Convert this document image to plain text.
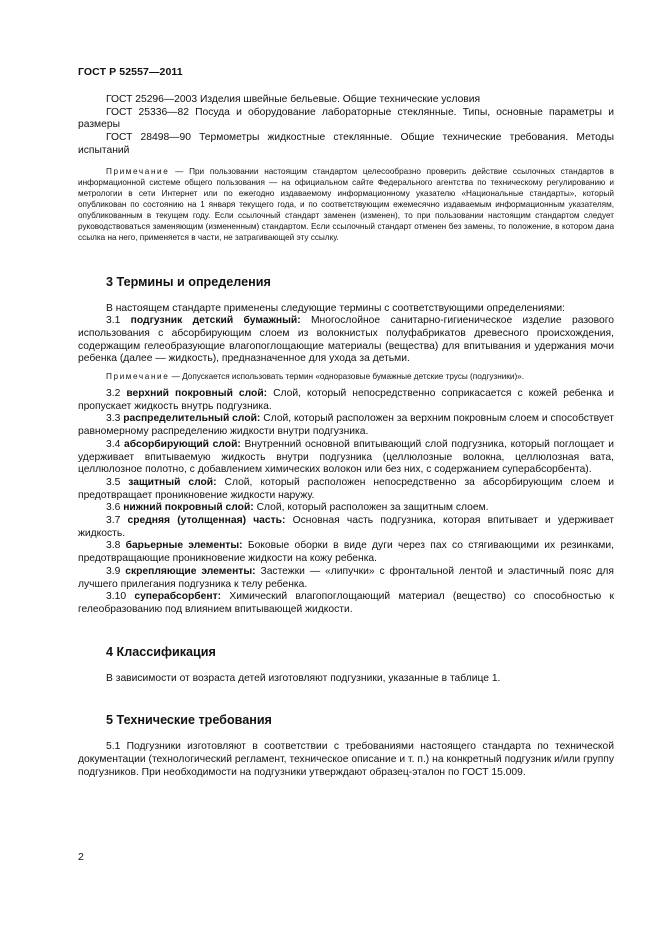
ГОСТ Р 52557—2011

ГОСТ 25296—2003 Изделия швейные бельевые. Общие технические условия

ГОСТ 25336—82 Посуда и оборудование лабораторные стеклянные. Типы, основные параметры и размеры

ГОСТ 28498—90 Термометры жидкостные стеклянные. Общие технические требования. Методы испытаний

Примечание — При пользовании настоящим стандартом целесообразно проверить действие ссылочных стандартов в информационной системе общего пользования — на официальном сайте Федерального агентства по техническому регулированию и метрологии в сети Интернет или по ежегодно издаваемому информационному указателю «Национальные стандарты», который опубликован по состоянию на 1 января текущего года, и по соответствующим ежемесячно издаваемым информационным указателям, опубликованным в текущем году. Если ссылочный стандарт заменен (изменен), то при пользовании настоящим стандартом следует руководствоваться заменяющим (измененным) стандартом. Если ссылочный стандарт отменен без замены, то положение, в котором дана ссылка на него, применяется в части, не затрагивающей эту ссылку.

3 Термины и определения

В настоящем стандарте применены следующие термины с соответствующими определениями:

3.1 подгузник детский бумажный: Многослойное санитарно-гигиеническое изделие разового использования с абсорбирующим слоем из волокнистых полуфабрикатов древесного происхождения, содержащим гелеобразующие влагопоглощающие материалы (вещества) для впитывания и удержания мочи ребенка (далее — жидкость), предназначенное для ухода за детьми.

Примечание — Допускается использовать термин «одноразовые бумажные детские трусы (подгузники)».

3.2 верхний покровный слой: Слой, который непосредственно соприкасается с кожей ребенка и пропускает жидкость внутрь подгузника.

3.3 распределительный слой: Слой, который расположен за верхним покровным слоем и способствует равномерному распределению жидкости внутри подгузника.

3.4 абсорбирующий слой: Внутренний основной впитывающий слой подгузника, который поглощает и удерживает впитываемую жидкость внутри подгузника (целлюлозные волокна, целлюлозная вата, целлюлозное полотно, с добавлением химических волокон или без них, с содержанием суперабсорбента).

3.5 защитный слой: Слой, который расположен непосредственно за абсорбирующим слоем и предотвращает проникновение жидкости наружу.

3.6 нижний покровный слой: Слой, который расположен за защитным слоем.

3.7 средняя (утолщенная) часть: Основная часть подгузника, которая впитывает и удерживает жидкость.

3.8 барьерные элементы: Боковые оборки в виде дуги через пах со стягивающими их резинками, предотвращающие проникновение жидкости на кожу ребенка.

3.9 скрепляющие элементы: Застежки — «липучки» с фронтальной лентой и эластичный пояс для лучшего прилегания подгузника к телу ребенка.

3.10 суперабсорбент: Химический влагопоглощающий материал (вещество) со способностью к гелеобразованию под влиянием впитывающей жидкости.

4 Классификация

В зависимости от возраста детей изготовляют подгузники, указанные в таблице 1.

5 Технические требования

5.1 Подгузники изготовляют в соответствии с требованиями настоящего стандарта по технической документации (технологический регламент, техническое описание и т. п.) на конкретный подгузник и/или группу подгузников. При необходимости на подгузники утверждают образец-эталон по ГОСТ 15.009.

2
